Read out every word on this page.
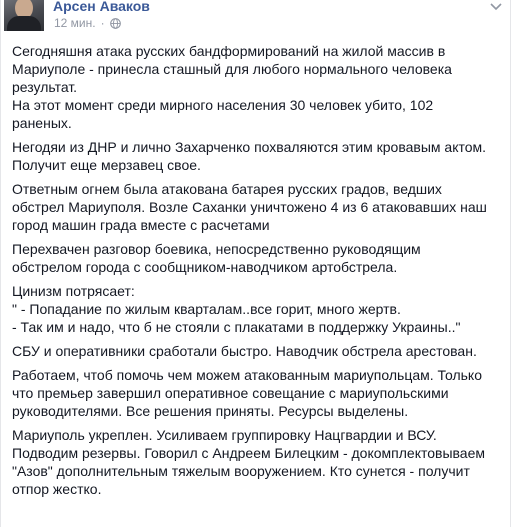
Арсен Аваков
12 мин. ·

Сегодняшня атака русских бандформирований на жилой массив в
Мариуполе - принесла сташный для любого нормального человека
результат.
На этот момент среди мирного населения 30 человек убито, 102
раненых.

Негодяи из ДНР и лично Захарченко похваляются этим кровавым актом.
Получит еще мерзавец свое.

Ответным огнем была атакована батарея русских градов, ведших
обстрел Мариуполя. Возле Саханки уничтожено 4 из 6 атаковавших наш
город машин града вместе с расчетами

Перехвачен разговор боевика, непосредственно руководящим
обстрелом города с сообщником-наводчиком артобстрела.

Цинизм потрясает:
" - Попадание по жилым кварталам..все горит, много жертв.
- Так им и надо, что б не стояли с плакатами в поддержку Украины.."

СБУ и оперативники сработали быстро. Наводчик обстрела арестован.

Работаем, чтоб помочь чем можем атакованным мариупольцам. Только
что премьер завершил оперативное совещание с мариупольскими
руководителями. Все решения приняты. Ресурсы выделены.

Мариуполь укреплен. Усиливаем группировку Нацгвардии и ВСУ.
Подводим резервы. Говорил с Андреем Билецким - докомплектовываем
"Азов" дополнительным тяжелым вооружением. Кто сунется - получит
отпор жестко.
